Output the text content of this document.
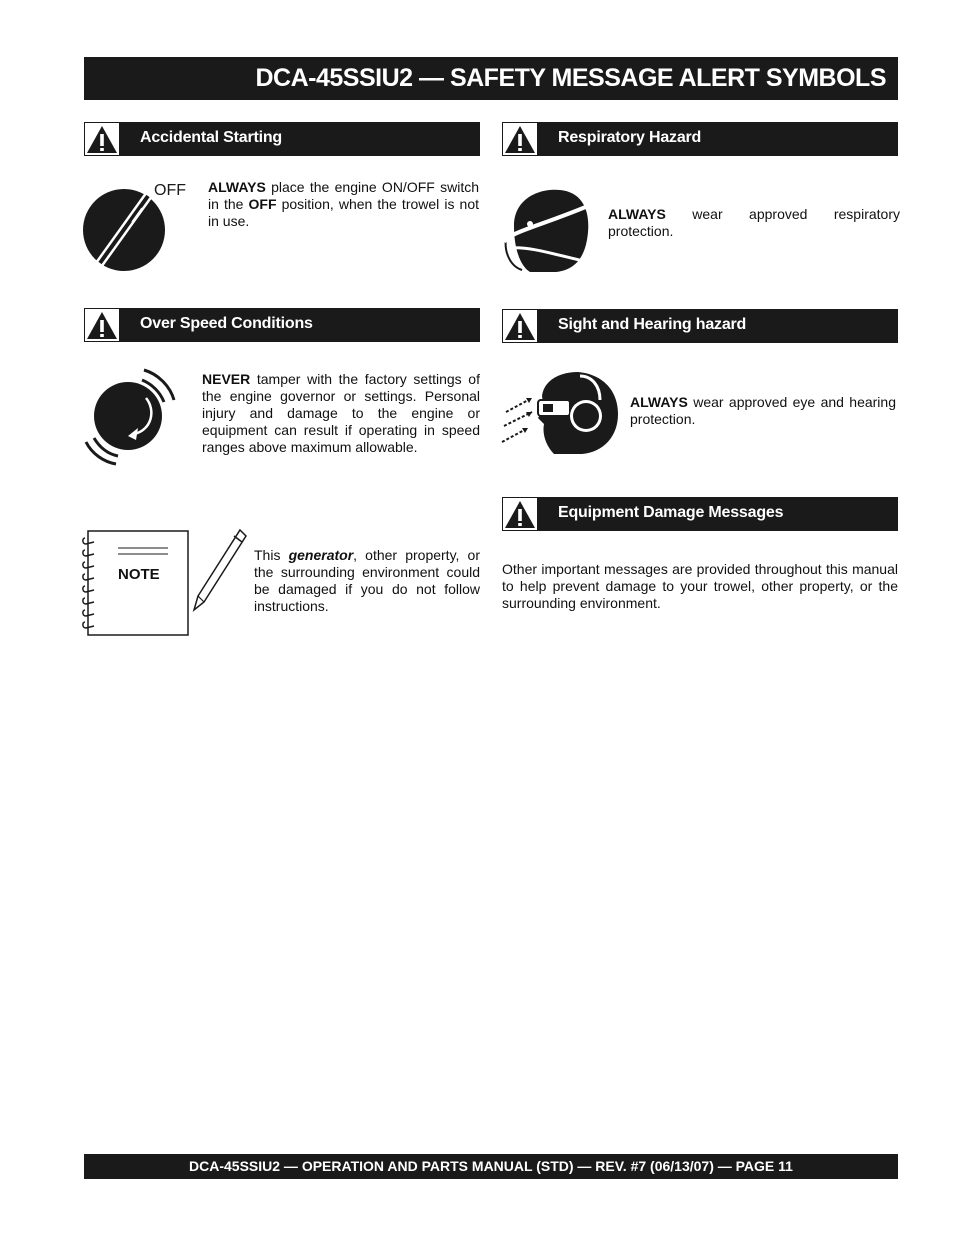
DCA-45SSIU2 — SAFETY MESSAGE ALERT SYMBOLS
Accidental Starting
OFF ALWAYS place the engine ON/OFF switch in the OFF position, when the trowel is not in use.
Respiratory Hazard
ALWAYS wear approved respiratory protection.
Over Speed Conditions
NEVER tamper with the factory settings of the engine governor or settings. Personal injury and damage to the engine or equipment can result if operating in speed ranges above maximum allowable.
Sight and Hearing hazard
ALWAYS wear approved eye and hearing protection.
NOTE
This generator, other property, or the surrounding environment could be damaged if you do not follow instructions.
Equipment Damage Messages
Other important messages are provided throughout this manual to help prevent damage to your trowel, other property, or the surrounding environment.
DCA-45SSIU2 — OPERATION AND PARTS MANUAL (STD) — REV. #7 (06/13/07) — PAGE 11
